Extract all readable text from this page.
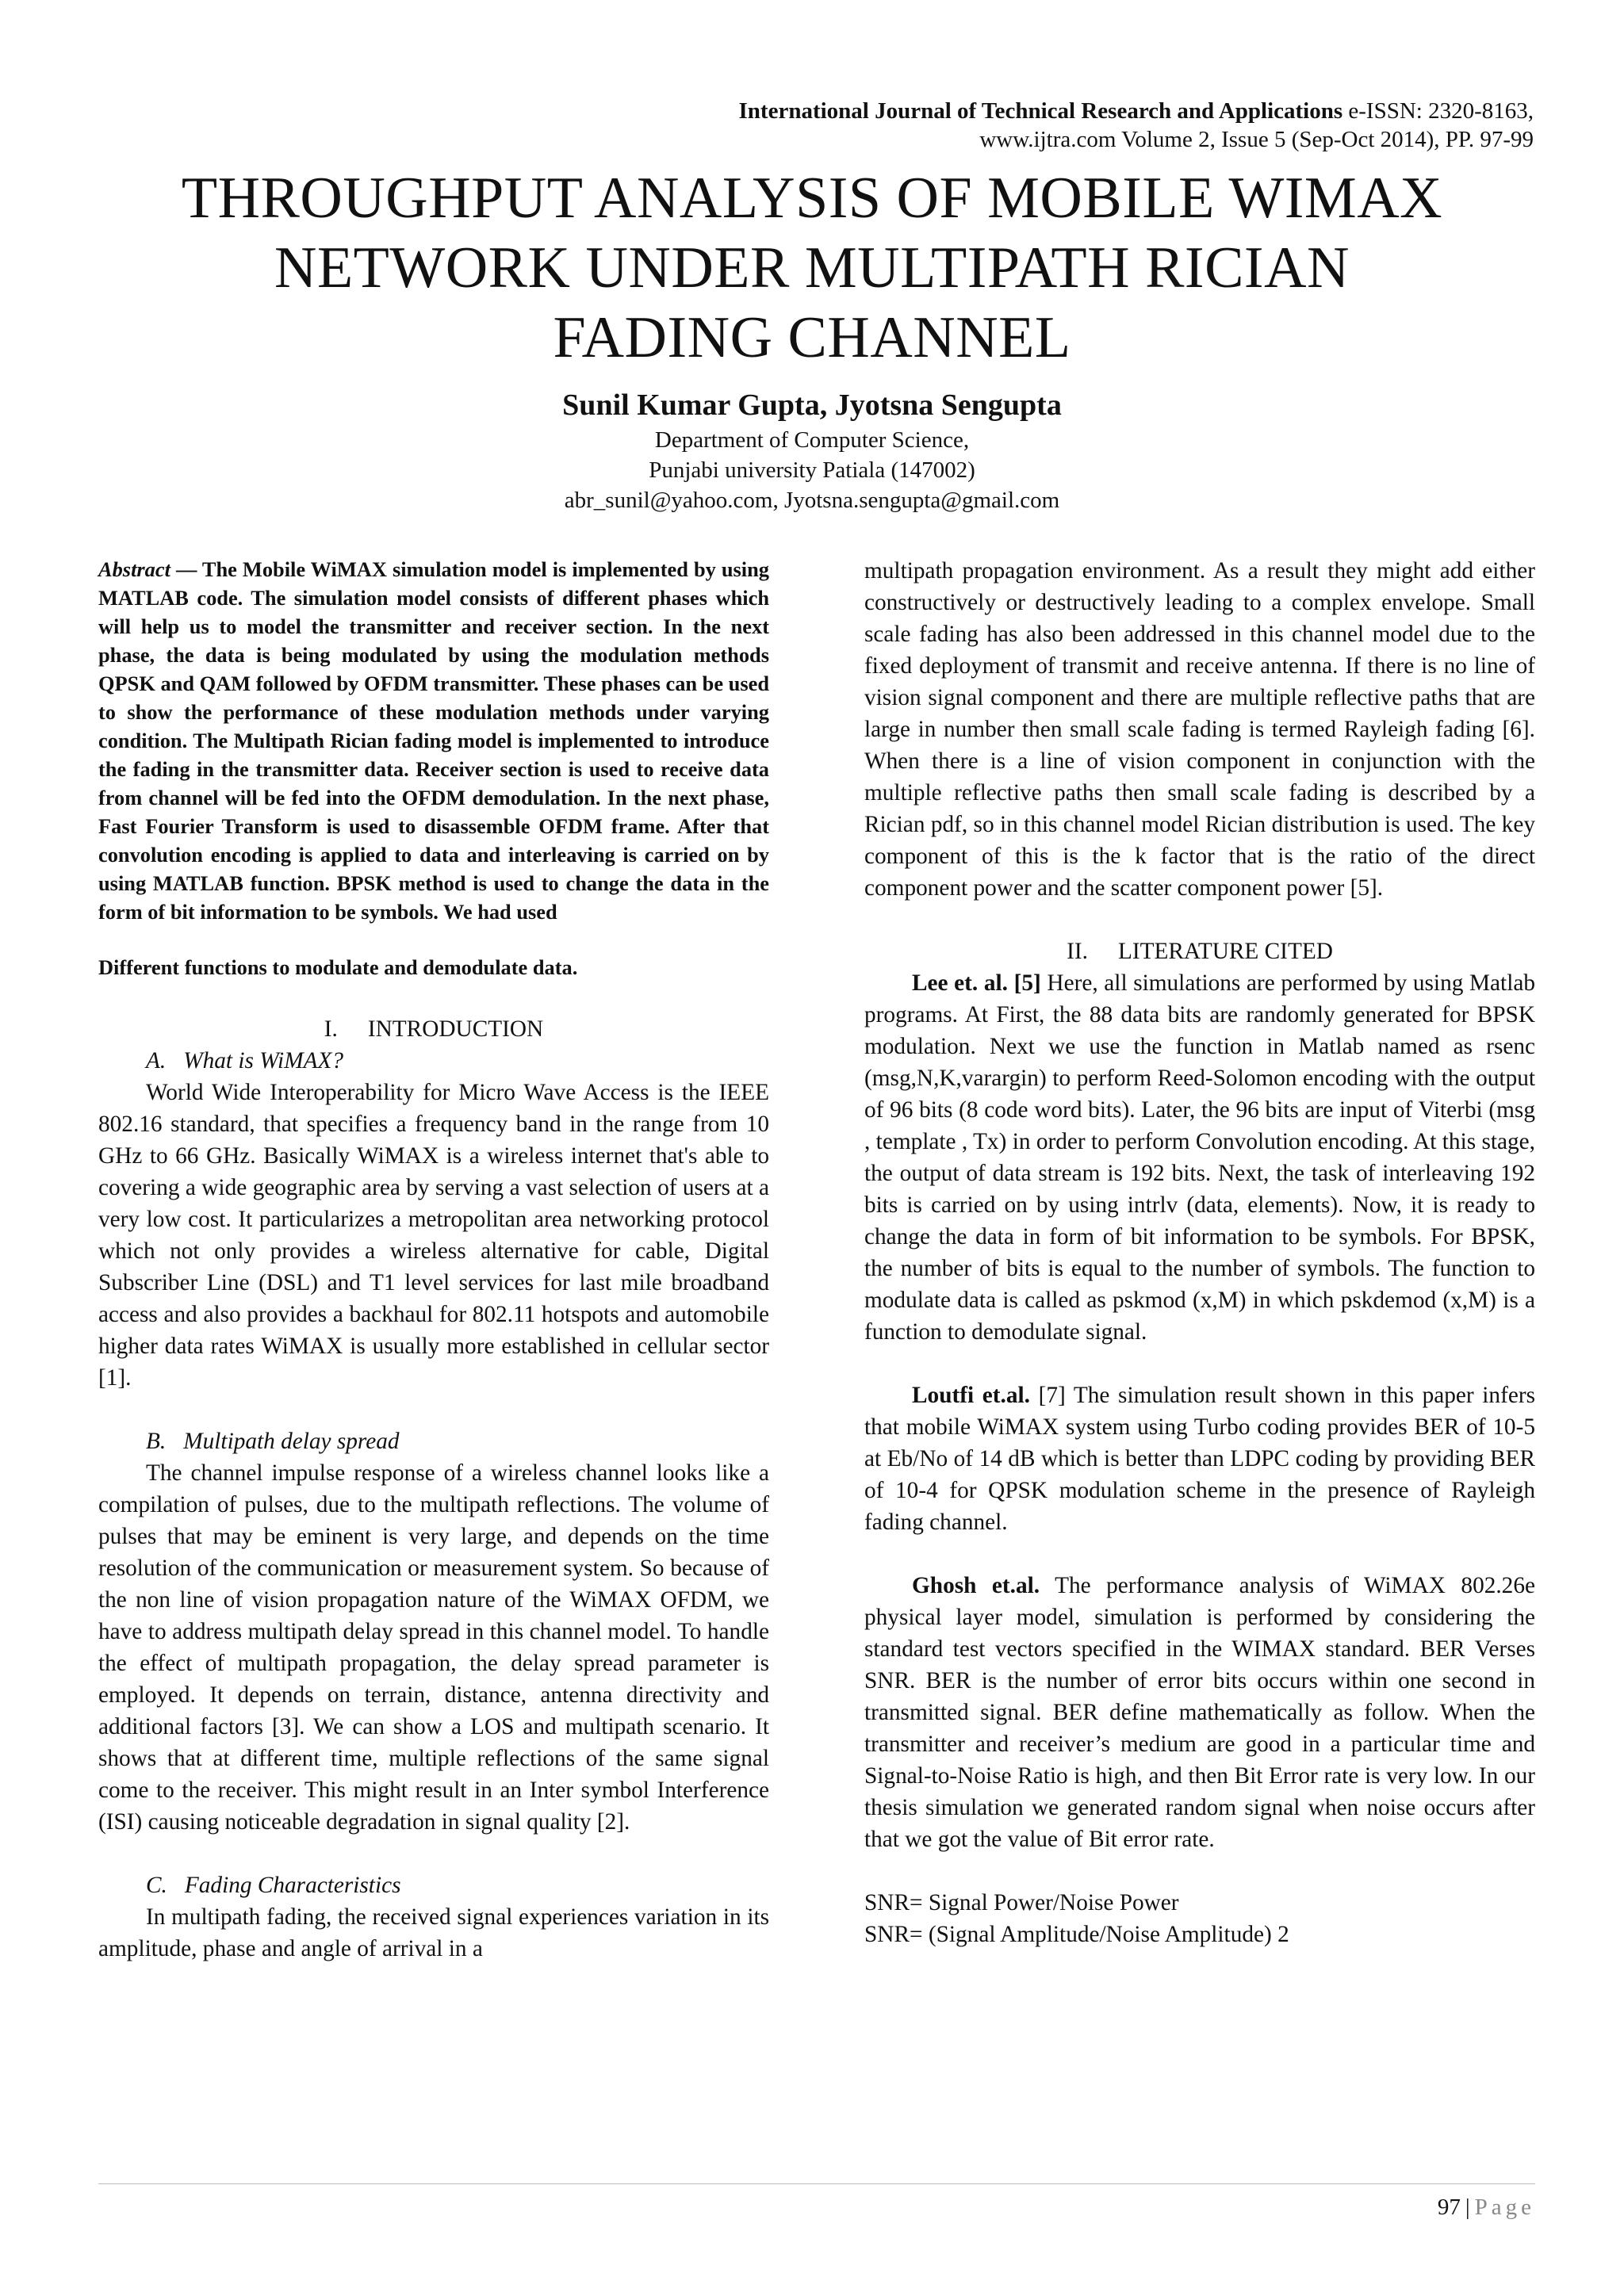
International Journal of Technical Research and Applications e-ISSN: 2320-8163,
www.ijtra.com Volume 2, Issue 5 (Sep-Oct 2014), PP. 97-99
THROUGHPUT ANALYSIS OF MOBILE WIMAX
NETWORK UNDER MULTIPATH RICIAN
FADING CHANNEL
Sunil Kumar Gupta, Jyotsna Sengupta
Department of Computer Science,
Punjabi university Patiala (147002)
abr_sunil@yahoo.com, Jyotsna.sengupta@gmail.com

Abstract — The Mobile WiMAX simulation model is implemented by using MATLAB code. The simulation model consists of different phases which will help us to model the transmitter and receiver section. In the next phase, the data is being modulated by using the modulation methods QPSK and QAM followed by OFDM transmitter. These phases can be used to show the performance of these modulation methods under varying condition. The Multipath Rician fading model is implemented to introduce the fading in the transmitter data. Receiver section is used to receive data from channel will be fed into the OFDM demodulation. In the next phase, Fast Fourier Transform is used to disassemble OFDM frame. After that convolution encoding is applied to data and interleaving is carried on by using MATLAB function. BPSK method is used to change the data in the form of bit information to be symbols. We had used

Different functions to modulate and demodulate data.

I. INTRODUCTION
A. What is WiMAX?

World Wide Interoperability for Micro Wave Access is the IEEE 802.16 standard, that specifies a frequency band in the range from 10 GHz to 66 GHz. Basically WiMAX is a wireless internet that's able to covering a wide geographic area by serving a vast selection of users at a very low cost. It particularizes a metropolitan area networking protocol which not only provides a wireless alternative for cable, Digital Subscriber Line (DSL) and T1 level services for last mile broadband access and also provides a backhaul for 802.11 hotspots and automobile higher data rates WiMAX is usually more established in cellular sector [1].

B. Multipath delay spread

The channel impulse response of a wireless channel looks like a compilation of pulses, due to the multipath reflections. The volume of pulses that may be eminent is very large, and depends on the time resolution of the communication or measurement system. So because of the non line of vision propagation nature of the WiMAX OFDM, we have to address multipath delay spread in this channel model. To handle the effect of multipath propagation, the delay spread parameter is employed. It depends on terrain, distance, antenna directivity and additional factors [3]. We can show a LOS and multipath scenario. It shows that at different time, multiple reflections of the same signal come to the receiver. This might result in an Inter symbol Interference (ISI) causing noticeable degradation in signal quality [2].

C. Fading Characteristics

In multipath fading, the received signal experiences variation in its amplitude, phase and angle of arrival in a

multipath propagation environment. As a result they might add either constructively or destructively leading to a complex envelope. Small scale fading has also been addressed in this channel model due to the fixed deployment of transmit and receive antenna. If there is no line of vision signal component and there are multiple reflective paths that are large in number then small scale fading is termed Rayleigh fading [6]. When there is a line of vision component in conjunction with the multiple reflective paths then small scale fading is described by a Rician pdf, so in this channel model Rician distribution is used. The key component of this is the k factor that is the ratio of the direct component power and the scatter component power [5].

II. LITERATURE CITED

Lee et. al. [5] Here, all simulations are performed by using Matlab programs. At First, the 88 data bits are randomly generated for BPSK modulation. Next we use the function in Matlab named as rsenc (msg,N,K,varargin) to perform Reed-Solomon encoding with the output of 96 bits (8 code word bits). Later, the 96 bits are input of Viterbi (msg , template , Tx) in order to perform Convolution encoding. At this stage, the output of data stream is 192 bits. Next, the task of interleaving 192 bits is carried on by using intrlv (data, elements). Now, it is ready to change the data in form of bit information to be symbols. For BPSK, the number of bits is equal to the number of symbols. The function to modulate data is called as pskmod (x,M) in which pskdemod (x,M) is a function to demodulate signal.

Loutfi et.al. [7] The simulation result shown in this paper infers that mobile WiMAX system using Turbo coding provides BER of 10-5 at Eb/No of 14 dB which is better than LDPC coding by providing BER of 10-4 for QPSK modulation scheme in the presence of Rayleigh fading channel.

Ghosh et.al. The performance analysis of WiMAX 802.26e physical layer model, simulation is performed by considering the standard test vectors specified in the WIMAX standard. BER Verses SNR. BER is the number of error bits occurs within one second in transmitted signal. BER define mathematically as follow. When the transmitter and receiver’s medium are good in a particular time and Signal-to-Noise Ratio is high, and then Bit Error rate is very low. In our thesis simulation we generated random signal when noise occurs after that we got the value of Bit error rate.

SNR= Signal Power/Noise Power

SNR= (Signal Amplitude/Noise Amplitude) 2

97 | Page
